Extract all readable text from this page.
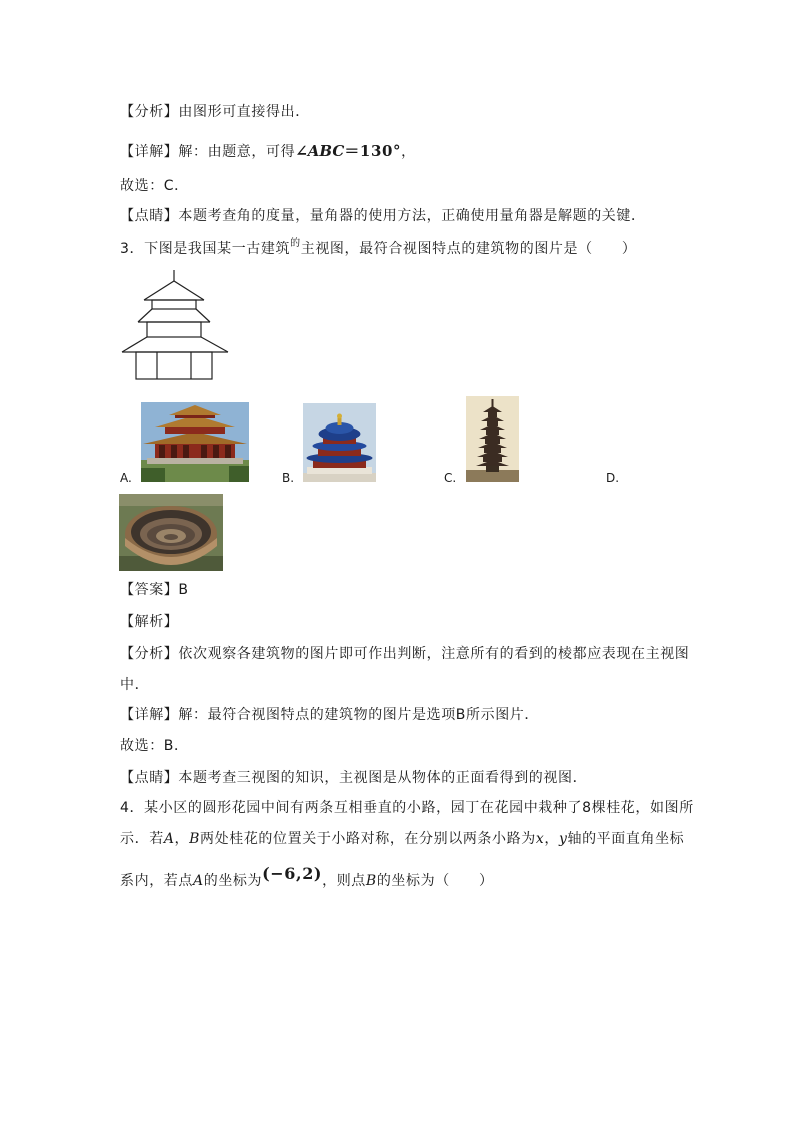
【分析】由图形可直接得出．
【详解】解：由题意，可得∠ABC＝130°，
故选：C．
【点睛】本题考查角的度量，量角器的使用方法，正确使用量角器是解题的关键．
3．下图是我国某一古建筑$^的$主视图，最符合视图特点的建筑物的图片是（　　）
A.	B.	C.	D.
【答案】B
【解析】
【分析】依次观察各建筑物的图片即可作出判断，注意所有的看到的棱都应表现在主视图
中．
【详解】解：最符合视图特点的建筑物的图片是选项B所示图片．
故选：B．
【点睛】本题考查三视图的知识，主视图是从物体的正面看得到的视图．
4．某小区的圆形花园中间有两条互相垂直的小路，园丁在花园中栽种了8棵桂花，如图所
示．若A，B两处桂花的位置关于小路对称，在分别以两条小路为x，y轴的平面直角坐标
系内，若点A的坐标为(−6,2)，则点B的坐标为（　　）
